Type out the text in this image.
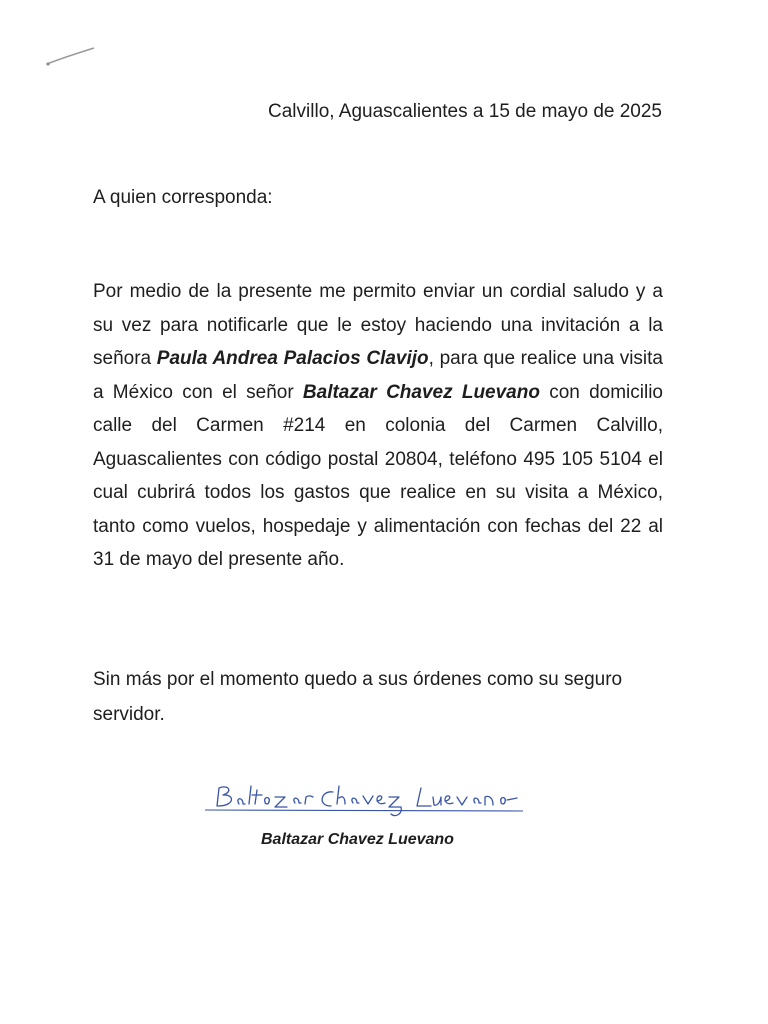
Calvillo, Aguascalientes a 15 de mayo de 2025
A quien corresponda:

Por medio de la presente me permito enviar un cordial saludo y a su vez para notificarle que le estoy haciendo una invitación a la señora Paula Andrea Palacios Clavijo, para que realice una visita a México con el señor Baltazar Chavez Luevano con domicilio calle del Carmen #214 en colonia del Carmen Calvillo, Aguascalientes con código postal 20804, teléfono 495 105 5104 el cual cubrirá todos los gastos que realice en su visita a México, tanto como vuelos, hospedaje y alimentación con fechas del 22 al 31 de mayo del presente año.

Sin más por el momento quedo a sus órdenes como su seguro servidor.

Baltazar Chavez Luevano
